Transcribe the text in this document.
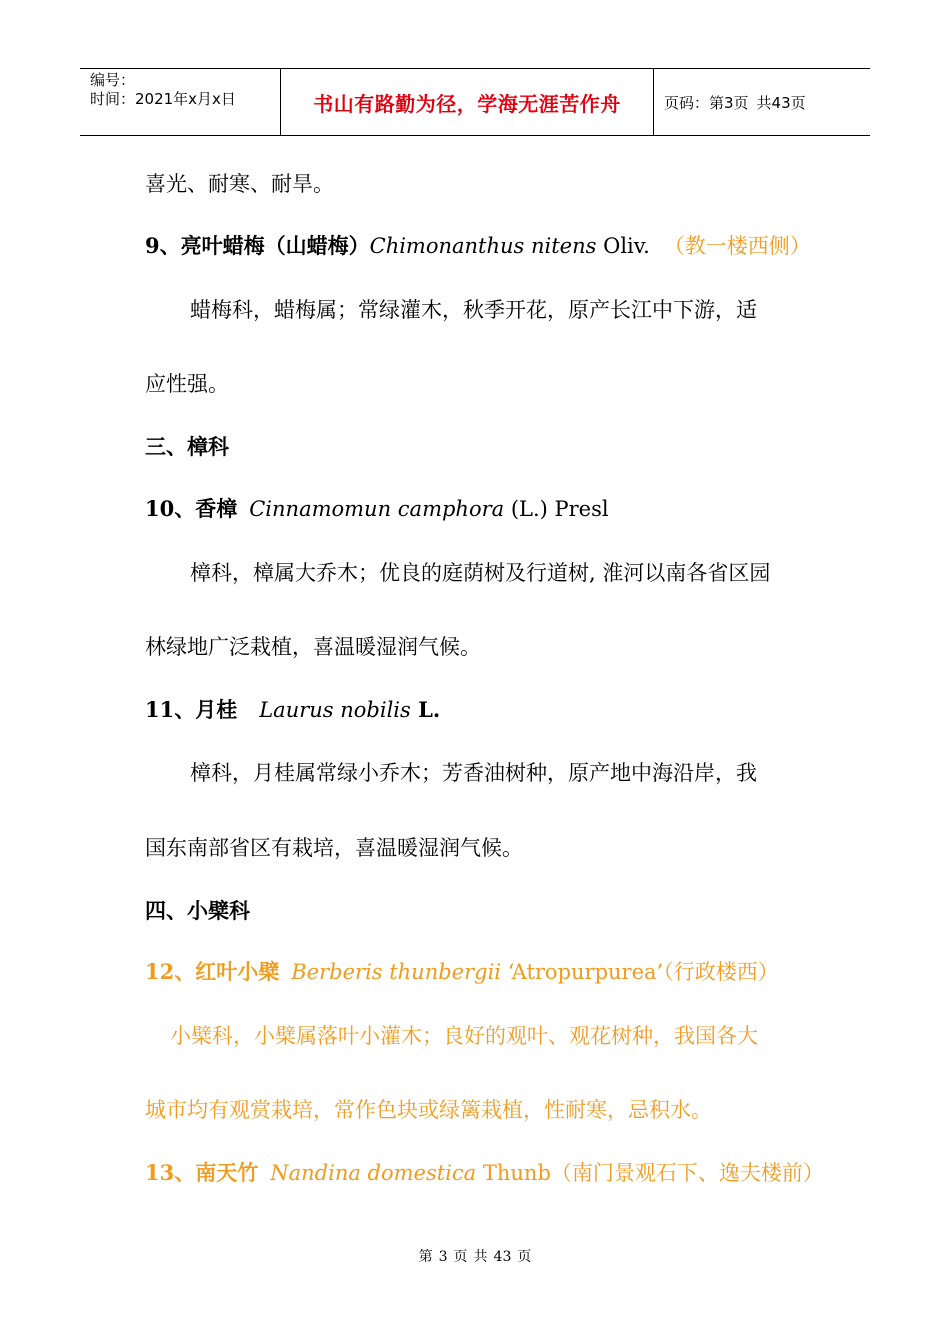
编号：
时间：2021年x月x日	书山有路勤为径，学海无涯苦作舟	页码：第3页 共43页
喜光、耐寒、耐旱。
9、亮叶蜡梅（山蜡梅）Chimonanthus nitens Oliv. （教一楼西侧）
蜡梅科，蜡梅属；常绿灌木，秋季开花，原产长江中下游，适
应性强。
三、樟科
10、香樟 Cinnamomun camphora (L.) Presl
樟科，樟属大乔木；优良的庭荫树及行道树, 淮河以南各省区园
林绿地广泛栽植，喜温暖湿润气候。
11、月桂 Laurus nobilis L.
樟科，月桂属常绿小乔木；芳香油树种，原产地中海沿岸，我
国东南部省区有栽培，喜温暖湿润气候。
四、小檗科
12、红叶小檗 Berberis thunbergii ‘Atropurpurea’（行政楼西）
小檗科，小檗属落叶小灌木；良好的观叶、观花树种，我国各大
城市均有观赏栽培，常作色块或绿篱栽植，性耐寒，忌积水。
13、南天竹 Nandina domestica Thunb（南门景观石下、逸夫楼前）
第 3 页 共 43 页
